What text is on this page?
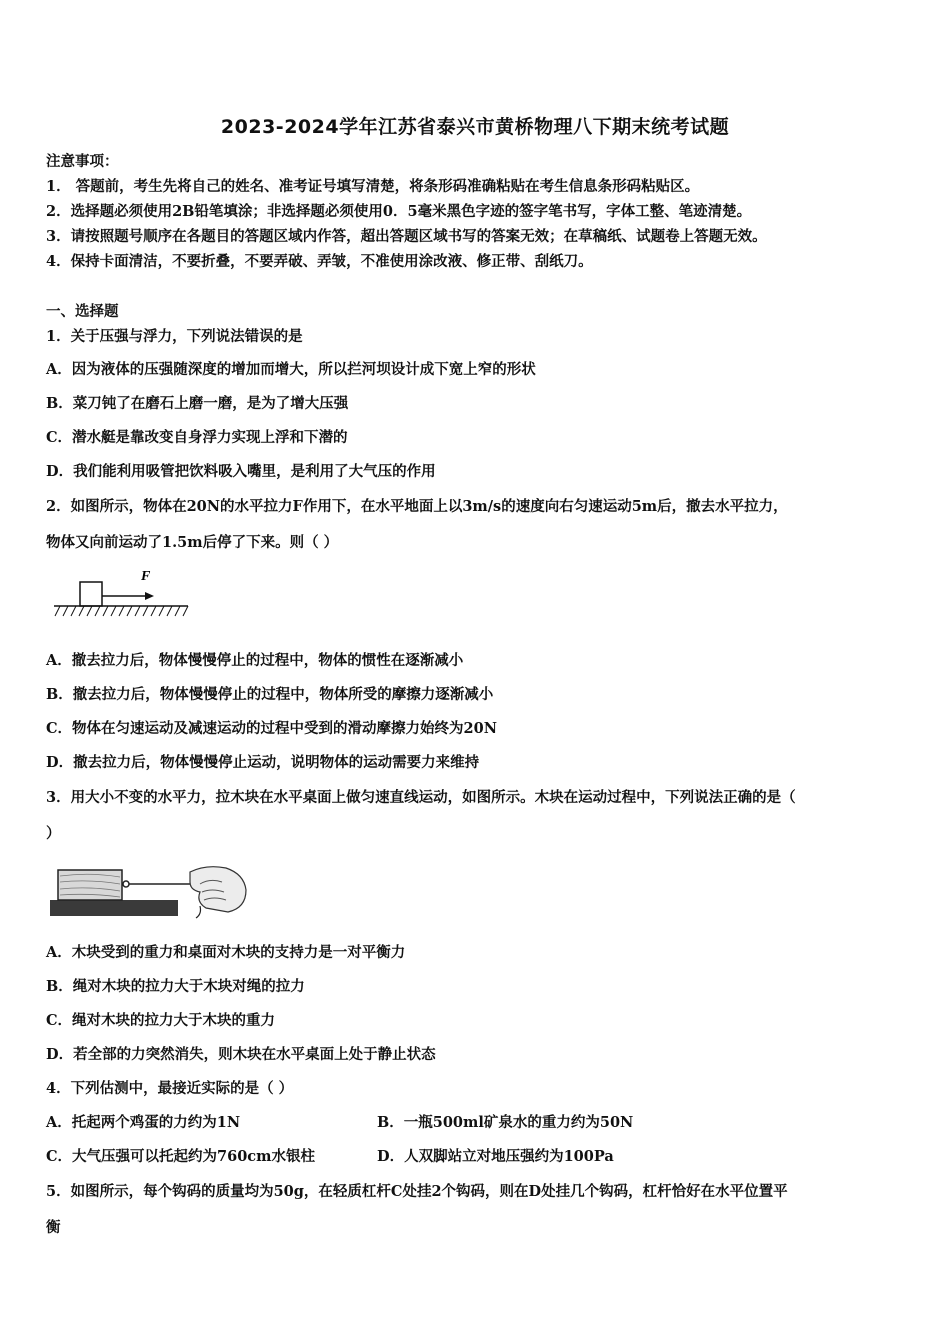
2023-2024学年江苏省泰兴市黄桥物理八下期末统考试题
注意事项：
1． 答题前，考生先将自己的姓名、准考证号填写清楚，将条形码准确粘贴在考生信息条形码粘贴区。
2．选择题必须使用2B铅笔填涂；非选择题必须使用0．5毫米黑色字迹的签字笔书写，字体工整、笔迹清楚。
3．请按照题号顺序在各题目的答题区域内作答，超出答题区域书写的答案无效；在草稿纸、试题卷上答题无效。
4．保持卡面清洁，不要折叠，不要弄破、弄皱，不准使用涂改液、修正带、刮纸刀。
一、选择题
1．关于压强与浮力，下列说法错误的是
A．因为液体的压强随深度的增加而增大，所以拦河坝设计成下宽上窄的形状
B．菜刀钝了在磨石上磨一磨，是为了增大压强
C．潜水艇是靠改变自身浮力实现上浮和下潜的
D．我们能利用吸管把饮料吸入嘴里，是利用了大气压的作用
2．如图所示，物体在20N的水平拉力F作用下，在水平地面上以3m/s的速度向右匀速运动5m后，撤去水平拉力，
物体又向前运动了1.5m后停了下来。则（ ）
F
A．撤去拉力后，物体慢慢停止的过程中，物体的惯性在逐渐减小
B．撤去拉力后，物体慢慢停止的过程中，物体所受的摩擦力逐渐减小
C．物体在匀速运动及减速运动的过程中受到的滑动摩擦力始终为20N
D．撤去拉力后，物体慢慢停止运动，说明物体的运动需要力来维持
3．用大小不变的水平力，拉木块在水平桌面上做匀速直线运动，如图所示。木块在运动过程中，下列说法正确的是（
）
A．木块受到的重力和桌面对木块的支持力是一对平衡力
B．绳对木块的拉力大于木块对绳的拉力
C．绳对木块的拉力大于木块的重力
D．若全部的力突然消失，则木块在水平桌面上处于静止状态
4．下列估测中，最接近实际的是（ ）
A．托起两个鸡蛋的力约为1N	B．一瓶500ml矿泉水的重力约为50N
C．大气压强可以托起约为760cm水银柱	D．人双脚站立对地压强约为100Pa
5．如图所示，每个钩码的质量均为50g，在轻质杠杆C处挂2个钩码，则在D处挂几个钩码，杠杆恰好在水平位置平
衡
